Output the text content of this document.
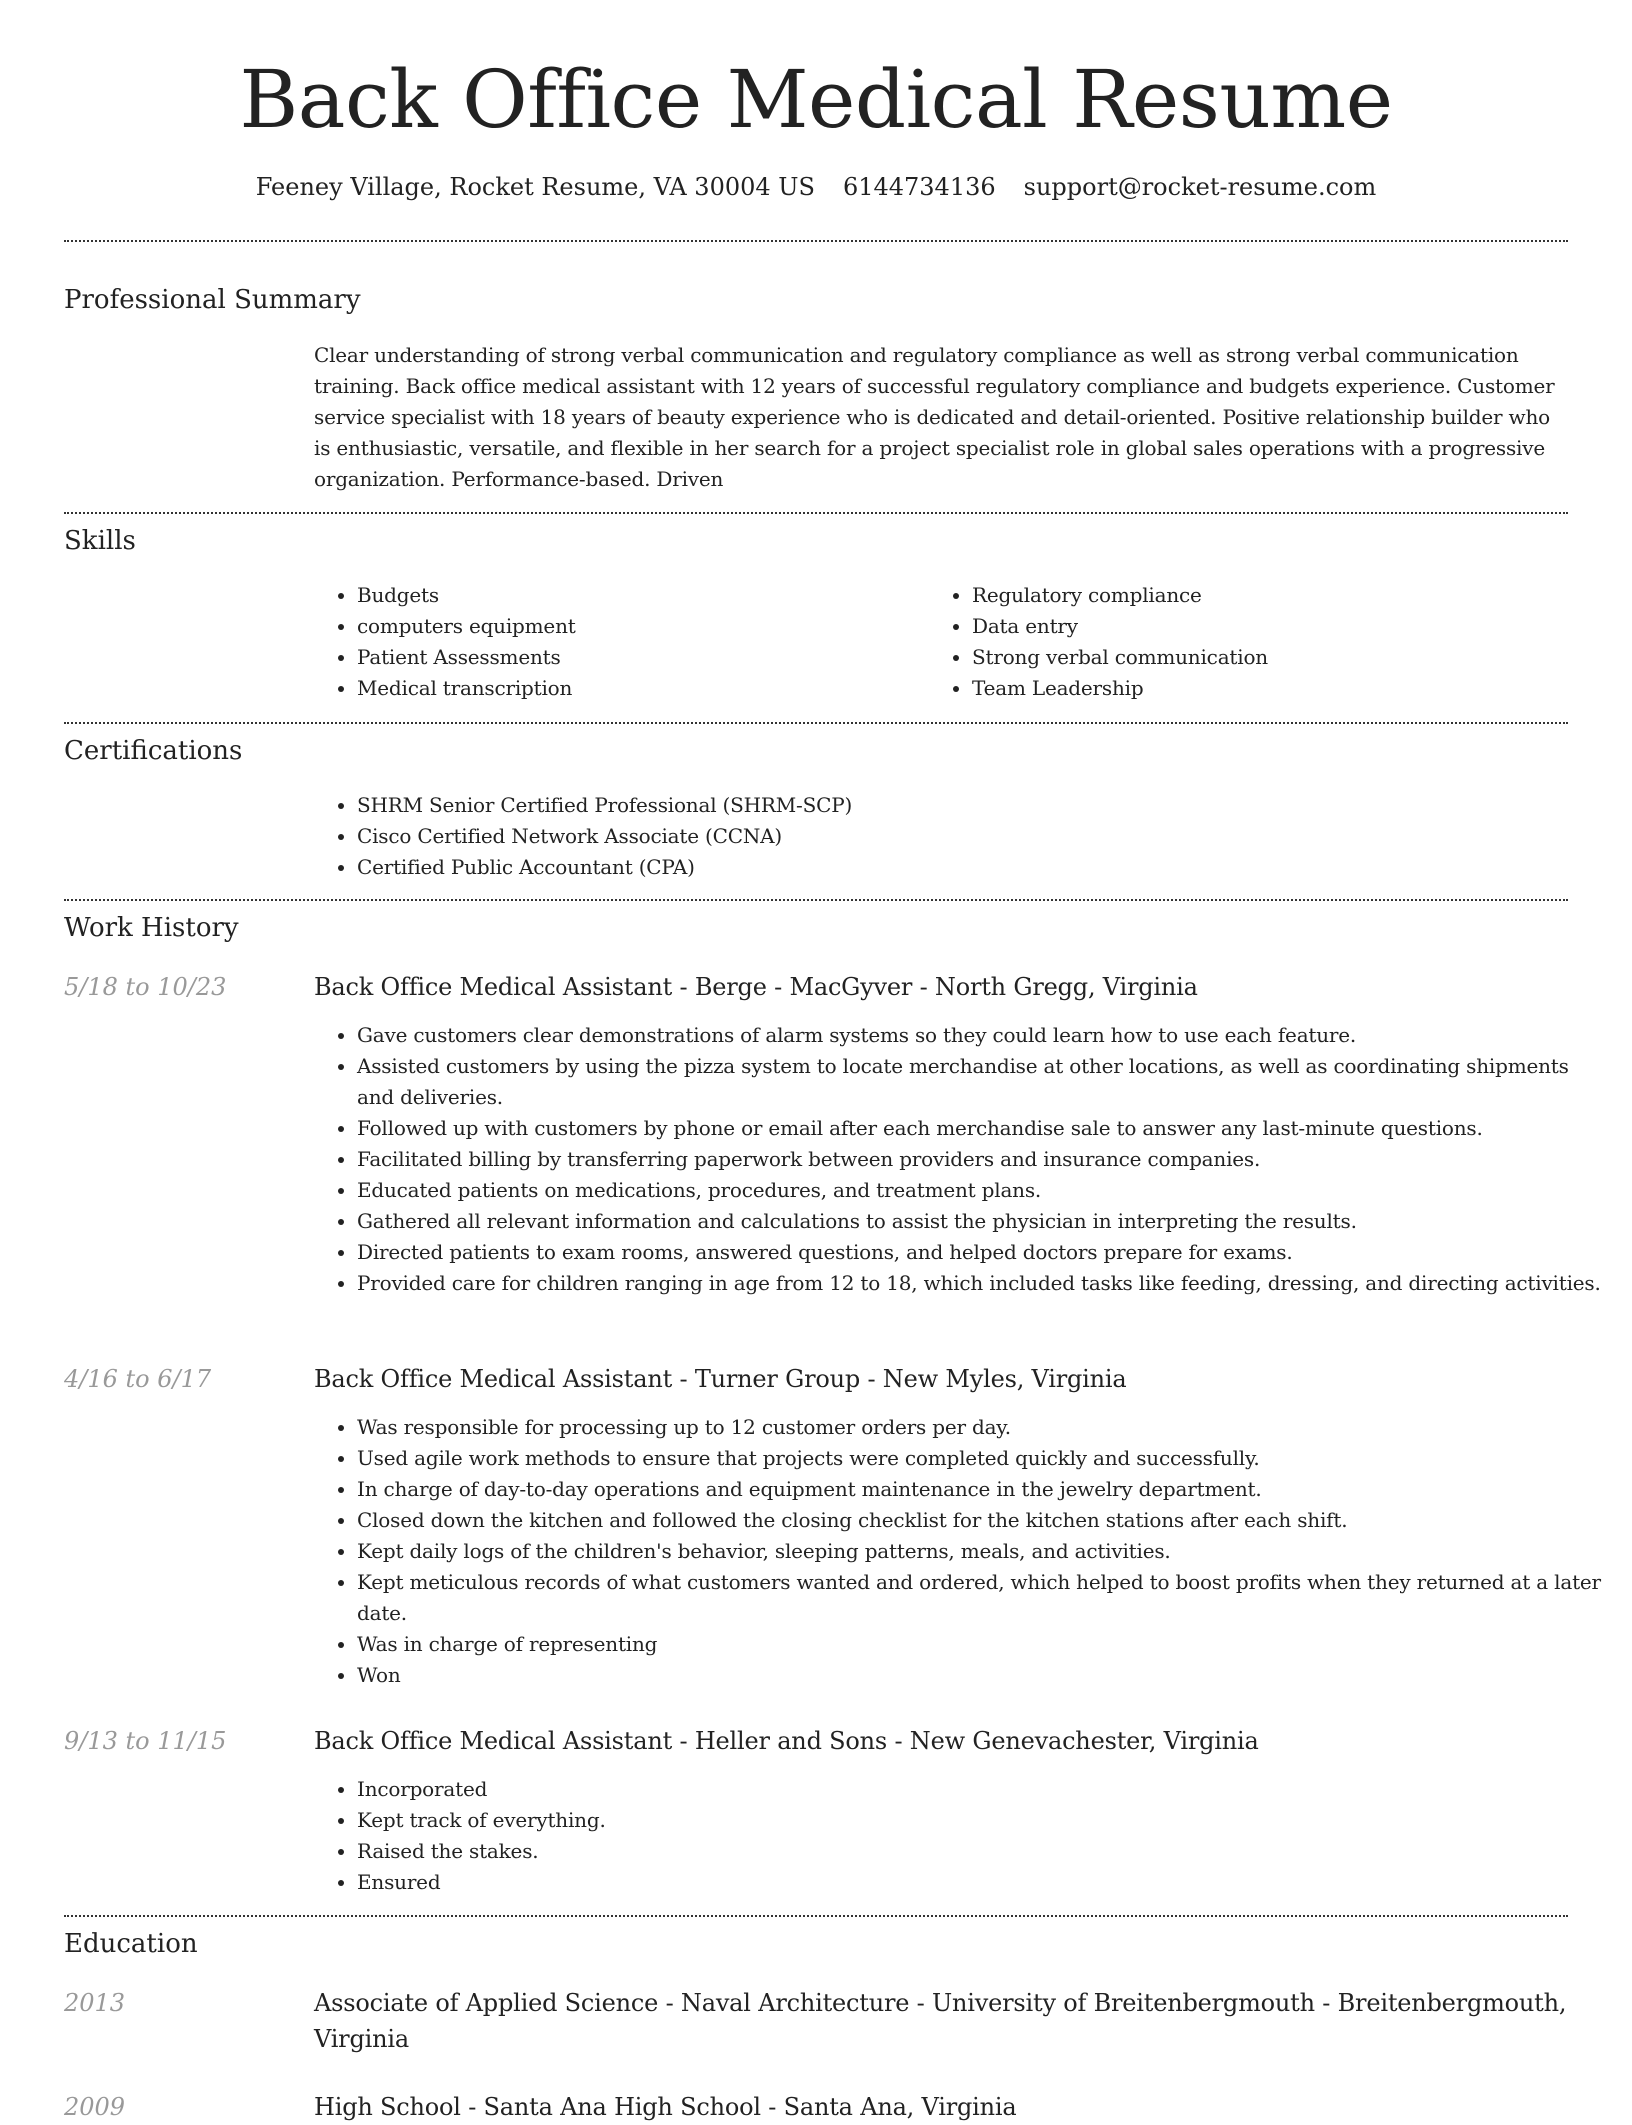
Back Office Medical Resume
Feeney Village, Rocket Resume, VA 30004 US 6144734136 support@rocket-resume.com
Professional Summary
Clear understanding of strong verbal communication and regulatory compliance as well as strong verbal communication training. Back office medical assistant with 12 years of successful regulatory compliance and budgets experience. Customer service specialist with 18 years of beauty experience who is dedicated and detail-oriented. Positive relationship builder who is enthusiastic, versatile, and flexible in her search for a project specialist role in global sales operations with a progressive organization. Performance-based. Driven
Skills
• Budgets
• computers equipment
• Patient Assessments
• Medical transcription
• Regulatory compliance
• Data entry
• Strong verbal communication
• Team Leadership
Certifications
• SHRM Senior Certified Professional (SHRM-SCP)
• Cisco Certified Network Associate (CCNA)
• Certified Public Accountant (CPA)
Work History
5/18 to 10/23	Back Office Medical Assistant - Berge - MacGyver - North Gregg, Virginia
• Gave customers clear demonstrations of alarm systems so they could learn how to use each feature.
• Assisted customers by using the pizza system to locate merchandise at other locations, as well as coordinating shipments and deliveries.
• Followed up with customers by phone or email after each merchandise sale to answer any last-minute questions.
• Facilitated billing by transferring paperwork between providers and insurance companies.
• Educated patients on medications, procedures, and treatment plans.
• Gathered all relevant information and calculations to assist the physician in interpreting the results.
• Directed patients to exam rooms, answered questions, and helped doctors prepare for exams.
• Provided care for children ranging in age from 12 to 18, which included tasks like feeding, dressing, and directing activities.
4/16 to 6/17	Back Office Medical Assistant - Turner Group - New Myles, Virginia
• Was responsible for processing up to 12 customer orders per day.
• Used agile work methods to ensure that projects were completed quickly and successfully.
• In charge of day-to-day operations and equipment maintenance in the jewelry department.
• Closed down the kitchen and followed the closing checklist for the kitchen stations after each shift.
• Kept daily logs of the children's behavior, sleeping patterns, meals, and activities.
• Kept meticulous records of what customers wanted and ordered, which helped to boost profits when they returned at a later date.
• Was in charge of representing
• Won
9/13 to 11/15	Back Office Medical Assistant - Heller and Sons - New Genevachester, Virginia
• Incorporated
• Kept track of everything.
• Raised the stakes.
• Ensured
Education
2013	Associate of Applied Science - Naval Architecture - University of Breitenbergmouth - Breitenbergmouth, Virginia
2009	High School - Santa Ana High School - Santa Ana, Virginia
